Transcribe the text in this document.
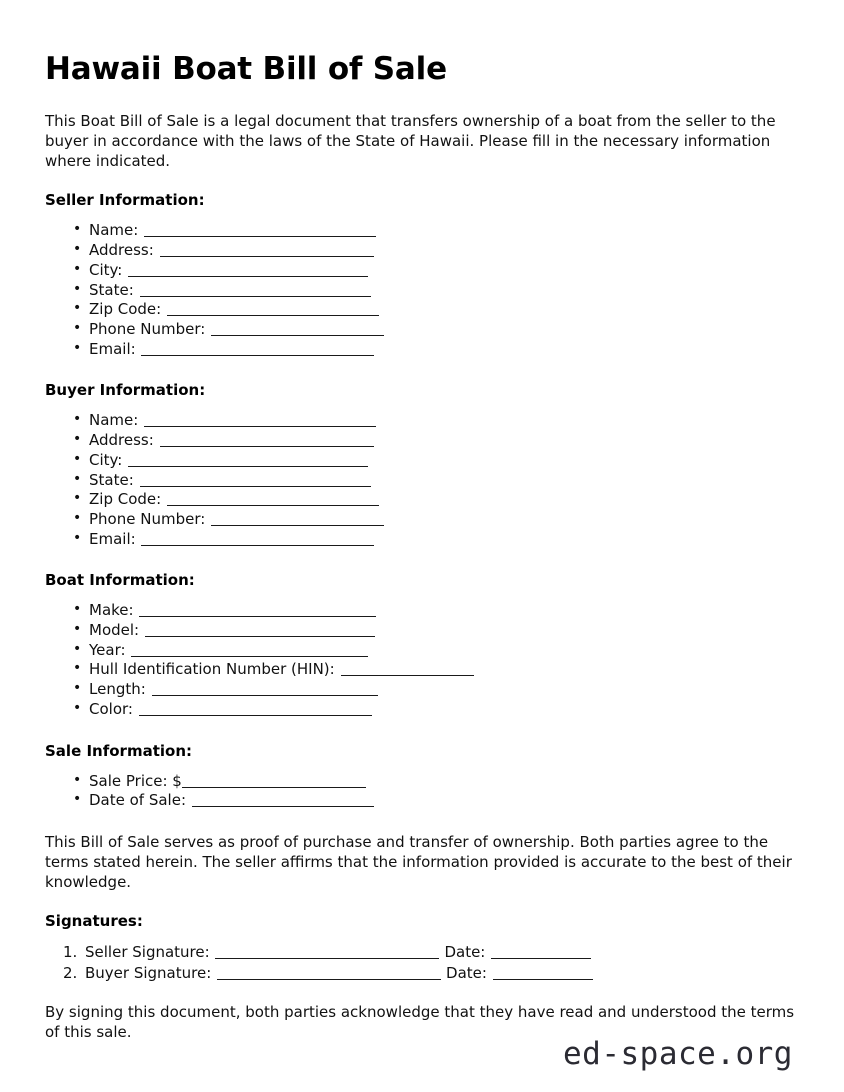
Hawaii Boat Bill of Sale

This Boat Bill of Sale is a legal document that transfers ownership of a boat from the seller to the buyer in accordance with the laws of the State of Hawaii. Please fill in the necessary information where indicated.

Seller Information:
• Name:
• Address:
• City:
• State:
• Zip Code:
• Phone Number:
• Email:
Buyer Information:
• Name:
• Address:
• City:
• State:
• Zip Code:
• Phone Number:
• Email:
Boat Information:
• Make:
• Model:
• Year:
• Hull Identification Number (HIN):
• Length:
• Color:
Sale Information:
• Sale Price: $
• Date of Sale:

This Bill of Sale serves as proof of purchase and transfer of ownership. Both parties agree to the terms stated herein. The seller affirms that the information provided is accurate to the best of their knowledge.

Signatures:
Seller Signature:	Date:
Buyer Signature:	Date:

By signing this document, both parties acknowledge that they have read and understood the terms of this sale.

ed-space.org
